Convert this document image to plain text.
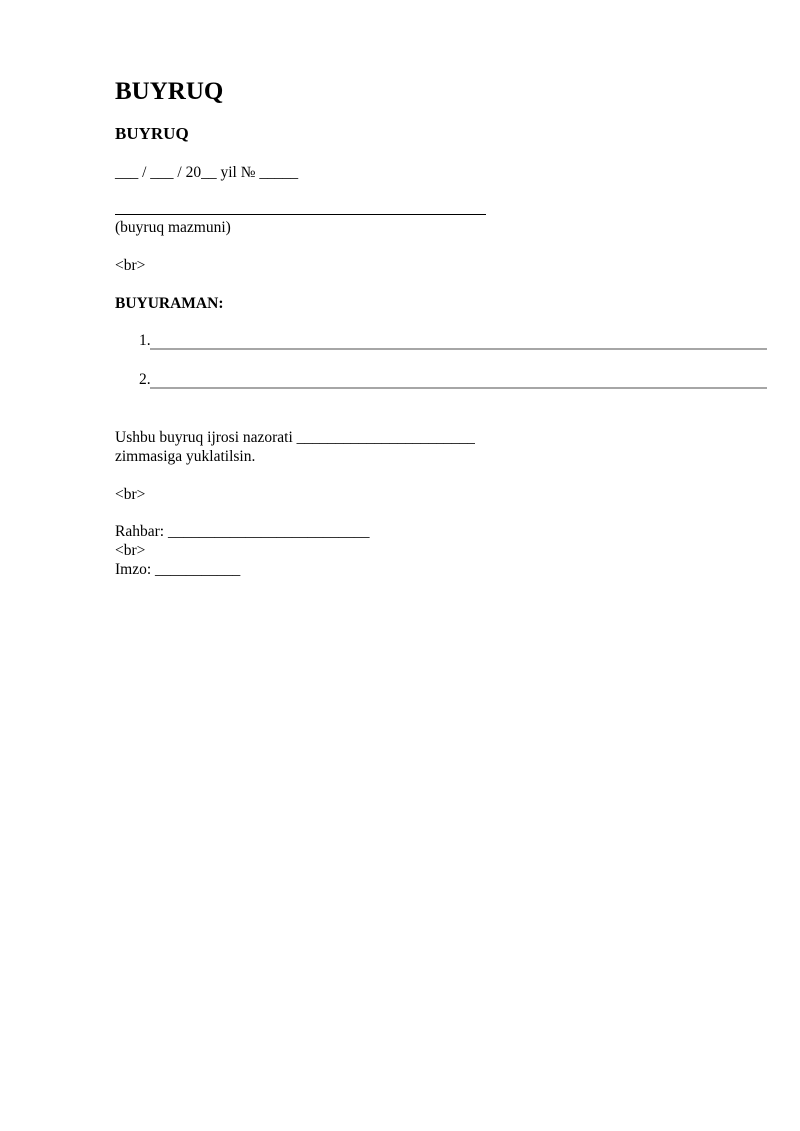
BUYRUQ
BUYRUQ

___ / ___ / 20__ yil № _____

(buyruq mazmuni)

<br>

BUYURAMAN:

1.
2.

Ushbu buyruq ijrosi nazorati _______________________

zimmasiga yuklatilsin.

<br>

Rahbar: __________________________

<br>

Imzo: ___________
